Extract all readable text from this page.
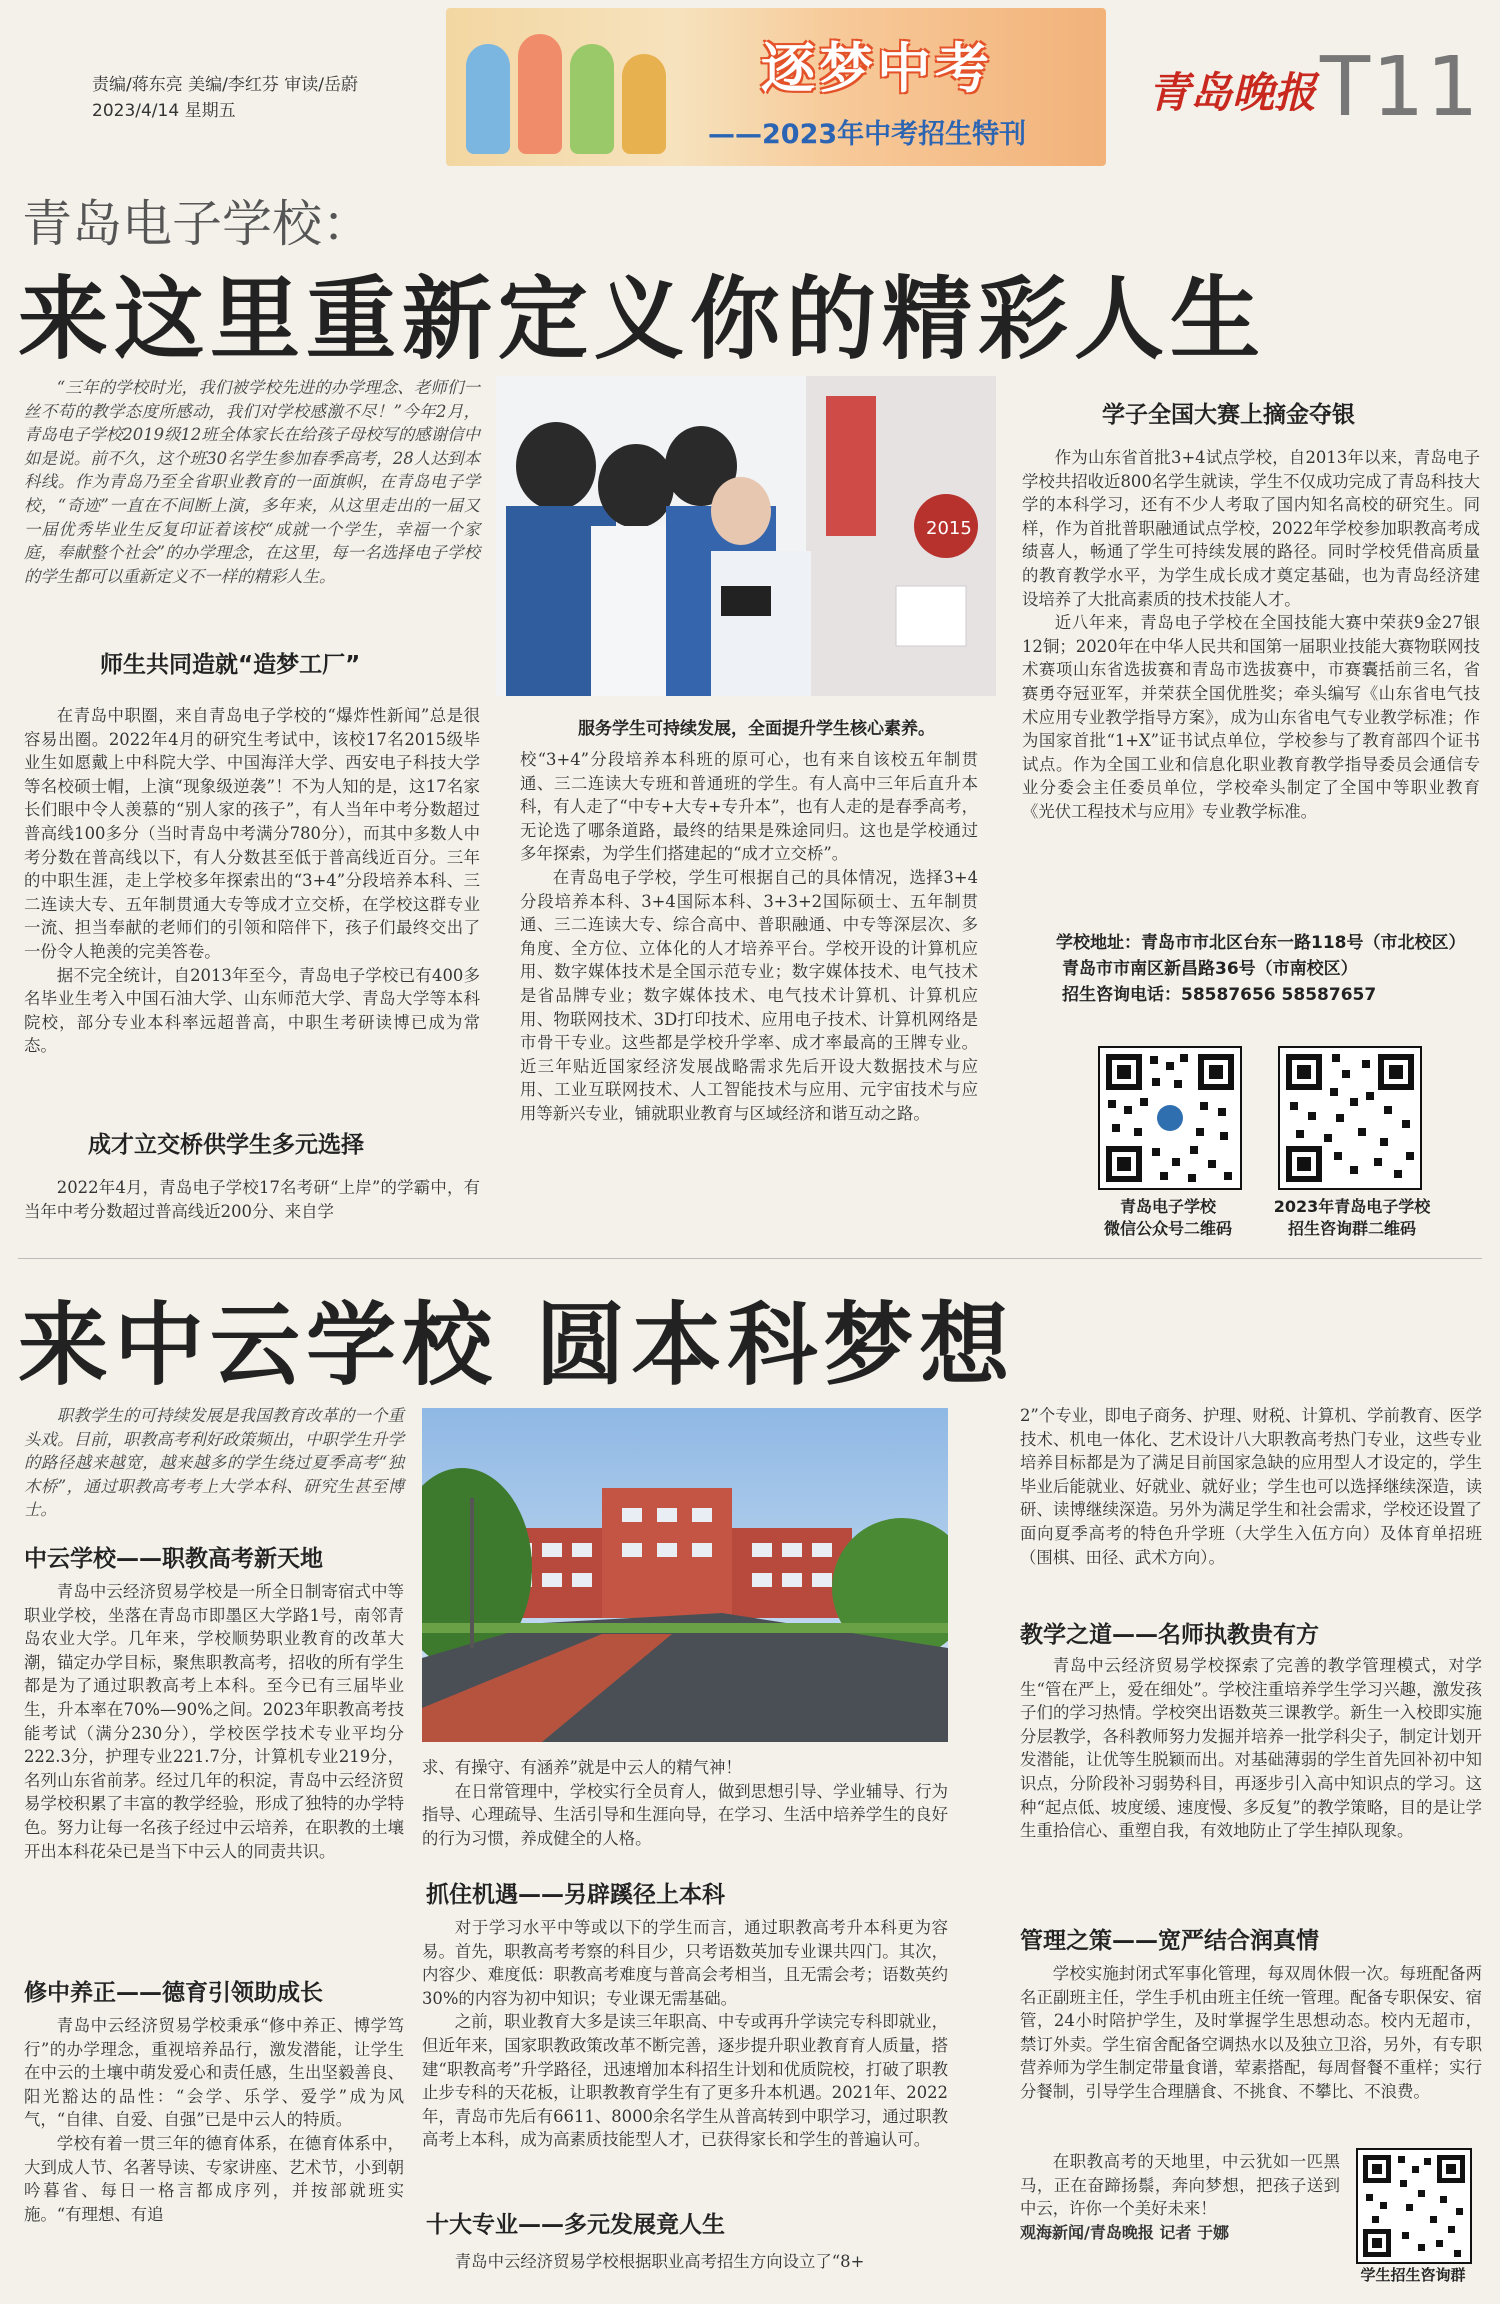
责编/蒋东亮 美编/李红芬 审读/岳蔚
2023/4/14 星期五
逐梦中考
——2023年中考招生特刊
青岛晚报 T11
青岛电子学校：
来这里重新定义你的精彩人生

“三年的学校时光，我们被学校先进的办学理念、老师们一丝不苟的教学态度所感动，我们对学校感激不尽！”今年2月，青岛电子学校2019级12班全体家长在给孩子母校写的感谢信中如是说。前不久，这个班30名学生参加春季高考，28人达到本科线。作为青岛乃至全省职业教育的一面旗帜，在青岛电子学校，“奇迹”一直在不间断上演，多年来，从这里走出的一届又一届优秀毕业生反复印证着该校“成就一个学生，幸福一个家庭，奉献整个社会”的办学理念，在这里，每一名选择电子学校的学生都可以重新定义不一样的精彩人生。

师生共同造就“造梦工厂”

在青岛中职圈，来自青岛电子学校的“爆炸性新闻”总是很容易出圈。2022年4月的研究生考试中，该校17名2015级毕业生如愿戴上中科院大学、中国海洋大学、西安电子科技大学等名校硕士帽，上演“现象级逆袭”！不为人知的是，这17名家长们眼中令人羡慕的“别人家的孩子”，有人当年中考分数超过普高线100多分（当时青岛中考满分780分），而其中多数人中考分数在普高线以下，有人分数甚至低于普高线近百分。三年的中职生涯，走上学校多年探索出的“3+4”分段培养本科、三二连读大专、五年制贯通大专等成才立交桥，在学校这群专业一流、担当奉献的老师们的引领和陪伴下，孩子们最终交出了一份令人艳羡的完美答卷。

据不完全统计，自2013年至今，青岛电子学校已有400多名毕业生考入中国石油大学、山东师范大学、青岛大学等本科院校，部分专业本科率远超普高，中职生考研读博已成为常态。

成才立交桥供学生多元选择

2022年4月，青岛电子学校17名考研“上岸”的学霸中，有当年中考分数超过普高线近200分、来自学

2015
服务学生可持续发展，全面提升学生核心素养。

校“3+4”分段培养本科班的原可心，也有来自该校五年制贯通、三二连读大专班和普通班的学生。有人高中三年后直升本科，有人走了“中专+大专+专升本”，也有人走的是春季高考，无论选了哪条道路，最终的结果是殊途同归。这也是学校通过多年探索，为学生们搭建起的“成才立交桥”。

在青岛电子学校，学生可根据自己的具体情况，选择3+4分段培养本科、3+4国际本科、3+3+2国际硕士、五年制贯通、三二连读大专、综合高中、普职融通、中专等深层次、多角度、全方位、立体化的人才培养平台。学校开设的计算机应用、数字媒体技术是全国示范专业；数字媒体技术、电气技术是省品牌专业；数字媒体技术、电气技术计算机、计算机应用、物联网技术、3D打印技术、应用电子技术、计算机网络是市骨干专业。这些都是学校升学率、成才率最高的王牌专业。近三年贴近国家经济发展战略需求先后开设大数据技术与应用、工业互联网技术、人工智能技术与应用、元宇宙技术与应用等新兴专业，铺就职业教育与区域经济和谐互动之路。

学子全国大赛上摘金夺银

作为山东省首批3+4试点学校，自2013年以来，青岛电子学校共招收近800名学生就读，学生不仅成功完成了青岛科技大学的本科学习，还有不少人考取了国内知名高校的研究生。同样，作为首批普职融通试点学校，2022年学校参加职教高考成绩喜人，畅通了学生可持续发展的路径。同时学校凭借高质量的教育教学水平，为学生成长成才奠定基础，也为青岛经济建设培养了大批高素质的技术技能人才。

近八年来，青岛电子学校在全国技能大赛中荣获9金27银12铜；2020年在中华人民共和国第一届职业技能大赛物联网技术赛项山东省选拔赛和青岛市选拔赛中，市赛囊括前三名，省赛勇夺冠亚军，并荣获全国优胜奖；牵头编写《山东省电气技术应用专业教学指导方案》，成为山东省电气专业教学标准；作为国家首批“1+X”证书试点单位，学校参与了教育部四个证书试点。作为全国工业和信息化职业教育教学指导委员会通信专业分委会主任委员单位，学校牵头制定了全国中等职业教育《光伏工程技术与应用》专业教学标准。

学校地址：青岛市市北区台东一路118号（市北校区）
青岛市市南区新昌路36号（市南校区）
招生咨询电话：58587656 58587657
青岛电子学校
微信公众号二维码
2023年青岛电子学校
招生咨询群二维码
来中云学校 圆本科梦想

职教学生的可持续发展是我国教育改革的一个重头戏。目前，职教高考利好政策频出，中职学生升学的路径越来越宽，越来越多的学生绕过夏季高考“独木桥”，通过职教高考考上大学本科、研究生甚至博士。

中云学校——职教高考新天地

青岛中云经济贸易学校是一所全日制寄宿式中等职业学校，坐落在青岛市即墨区大学路1号，南邻青岛农业大学。几年来，学校顺势职业教育的改革大潮，锚定办学目标，聚焦职教高考，招收的所有学生都是为了通过职教高考上本科。至今已有三届毕业生，升本率在70%—90%之间。2023年职教高考技能考试（满分230分），学校医学技术专业平均分222.3分，护理专业221.7分，计算机专业219分，名列山东省前茅。经过几年的积淀，青岛中云经济贸易学校积累了丰富的教学经验，形成了独特的办学特色。努力让每一名孩子经过中云培养，在职教的土壤开出本科花朵已是当下中云人的同责共识。

修中养正——德育引领助成长

青岛中云经济贸易学校秉承“修中养正、博学笃行”的办学理念，重视培养品行，激发潜能，让学生在中云的土壤中萌发爱心和责任感，生出坚毅善良、阳光豁达的品性：“会学、乐学、爱学”成为风气，“自律、自爱、自强”已是中云人的特质。

学校有着一贯三年的德育体系，在德育体系中，大到成人节、名著导读、专家讲座、艺术节，小到朝吟暮省、每日一格言都成序列，并按部就班实施。“有理想、有追

求、有操守、有涵养”就是中云人的精气神！

在日常管理中，学校实行全员育人，做到思想引导、学业辅导、行为指导、心理疏导、生活引导和生涯向导，在学习、生活中培养学生的良好的行为习惯，养成健全的人格。

抓住机遇——另辟蹊径上本科

对于学习水平中等或以下的学生而言，通过职教高考升本科更为容易。首先，职教高考考察的科目少，只考语数英加专业课共四门。其次，内容少、难度低：职教高考难度与普高会考相当，且无需会考；语数英约30%的内容为初中知识；专业课无需基础。

之前，职业教育大多是读三年职高、中专或再升学读完专科即就业，但近年来，国家职教政策改革不断完善，逐步提升职业教育育人质量，搭建“职教高考”升学路径，迅速增加本科招生计划和优质院校，打破了职教止步专科的天花板，让职教教育学生有了更多升本机遇。2021年、2022年，青岛市先后有6611、8000余名学生从普高转到中职学习，通过职教高考上本科，成为高素质技能型人才，已获得家长和学生的普遍认可。

十大专业——多元发展竟人生

青岛中云经济贸易学校根据职业高考招生方向设立了“8+

2”个专业，即电子商务、护理、财税、计算机、学前教育、医学技术、机电一体化、艺术设计八大职教高考热门专业，这些专业培养目标都是为了满足目前国家急缺的应用型人才设定的，学生毕业后能就业、好就业、就好业；学生也可以选择继续深造，读研、读博继续深造。另外为满足学生和社会需求，学校还设置了面向夏季高考的特色升学班（大学生入伍方向）及体育单招班（围棋、田径、武术方向）。

教学之道——名师执教贵有方

青岛中云经济贸易学校探索了完善的教学管理模式，对学生“管在严上，爱在细处”。学校注重培养学生学习兴趣，激发孩子们的学习热情。学校突出语数英三课教学。新生一入校即实施分层教学，各科教师努力发掘并培养一批学科尖子，制定计划开发潜能，让优等生脱颖而出。对基础薄弱的学生首先回补初中知识点，分阶段补习弱势科目，再逐步引入高中知识点的学习。这种“起点低、坡度缓、速度慢、多反复”的教学策略，目的是让学生重拾信心、重塑自我，有效地防止了学生掉队现象。

管理之策——宽严结合润真情

学校实施封闭式军事化管理，每双周休假一次。每班配备两名正副班主任，学生手机由班主任统一管理。配备专职保安、宿管，24小时陪护学生，及时掌握学生思想动态。校内无超市，禁订外卖。学生宿舍配备空调热水以及独立卫浴，另外，有专职营养师为学生制定带量食谱，荤素搭配，每周督餐不重样；实行分餐制，引导学生合理膳食、不挑食、不攀比、不浪费。

在职教高考的天地里，中云犹如一匹黑马，正在奋蹄扬鬃，奔向梦想，把孩子送到中云，许你一个美好未来！

观海新闻/青岛晚报 记者 于娜
学生招生咨询群
